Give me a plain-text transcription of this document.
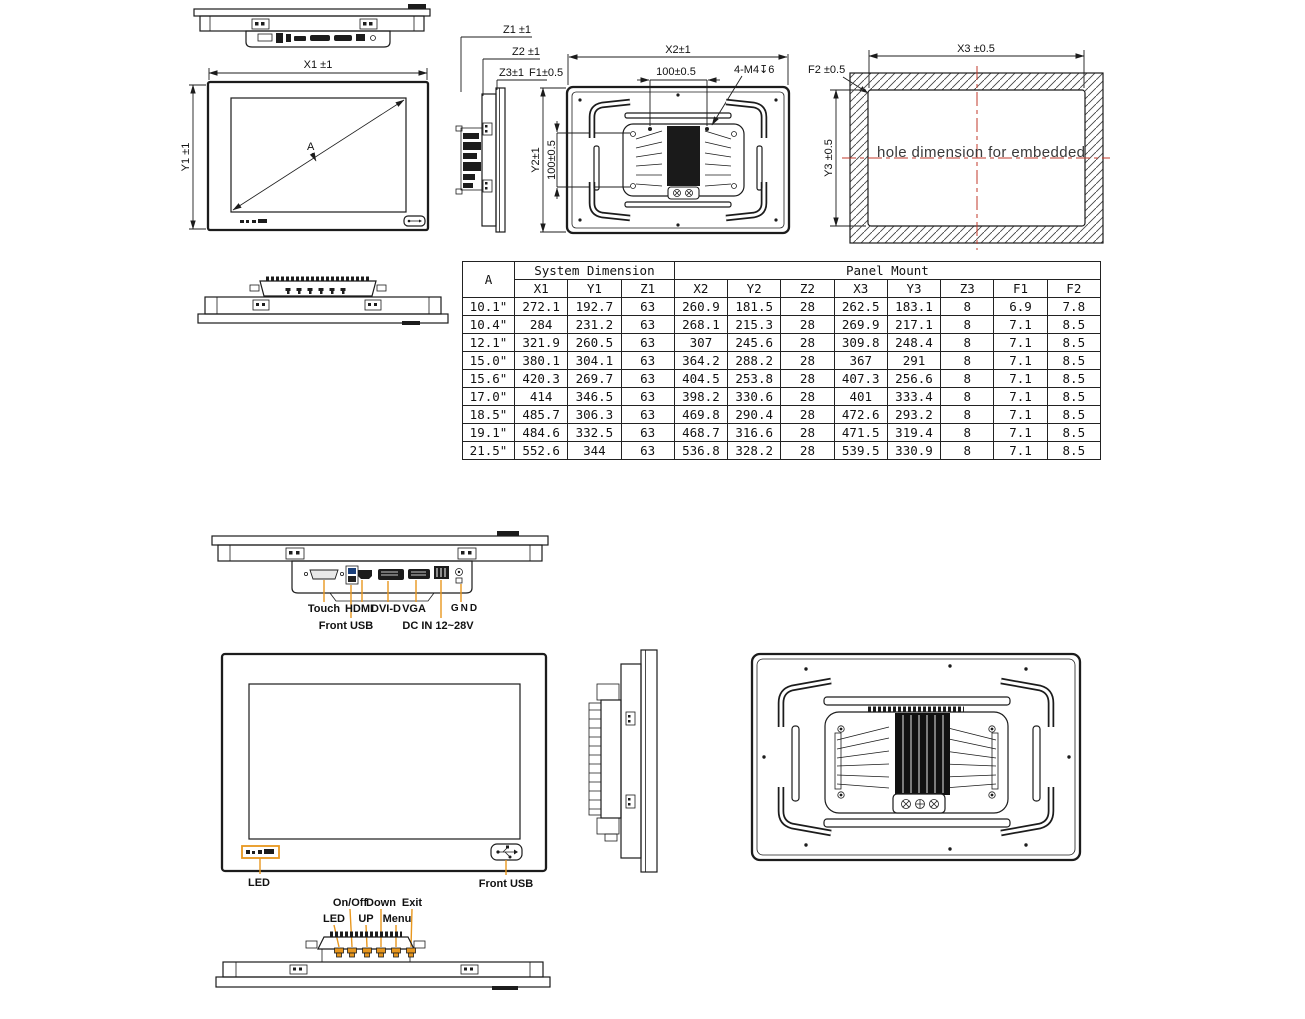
X1 ±1
Y1 ±1	A
Z1 ±1
Z2 ±1
Z3±1 F1±0.5
X2±1
100±0.5	4-M4↧6
Y2±1 100±0.5
X3 ±0.5
Y3 ±0.5
F2 ±0.5
hole dimension for embedded
Touch HDMI
DVI-D VGA GND
Front USB	DC IN 12~28V
LED	Front USB
On/Off
Down Exit
LED UP Menu
A	System Dimension			Panel Mount							
	X1	Y1	Z1	X2	Y2	Z2	X3	Y3	Z3	F1	F2
10.1"	272.1	192.7	63	260.9	181.5	28	262.5	183.1	8	6.9	7.8
10.4"	284	231.2	63	268.1	215.3	28	269.9	217.1	8	7.1	8.5
12.1"	321.9	260.5	63	307	245.6	28	309.8	248.4	8	7.1	8.5
15.0"	380.1	304.1	63	364.2	288.2	28	367	291	8	7.1	8.5
15.6"	420.3	269.7	63	404.5	253.8	28	407.3	256.6	8	7.1	8.5
17.0"	414	346.5	63	398.2	330.6	28	401	333.4	8	7.1	8.5
18.5"	485.7	306.3	63	469.8	290.4	28	472.6	293.2	8	7.1	8.5
19.1"	484.6	332.5	63	468.7	316.6	28	471.5	319.4	8	7.1	8.5
21.5"	552.6	344	63	536.8	328.2	28	539.5	330.9	8	7.1	8.5
